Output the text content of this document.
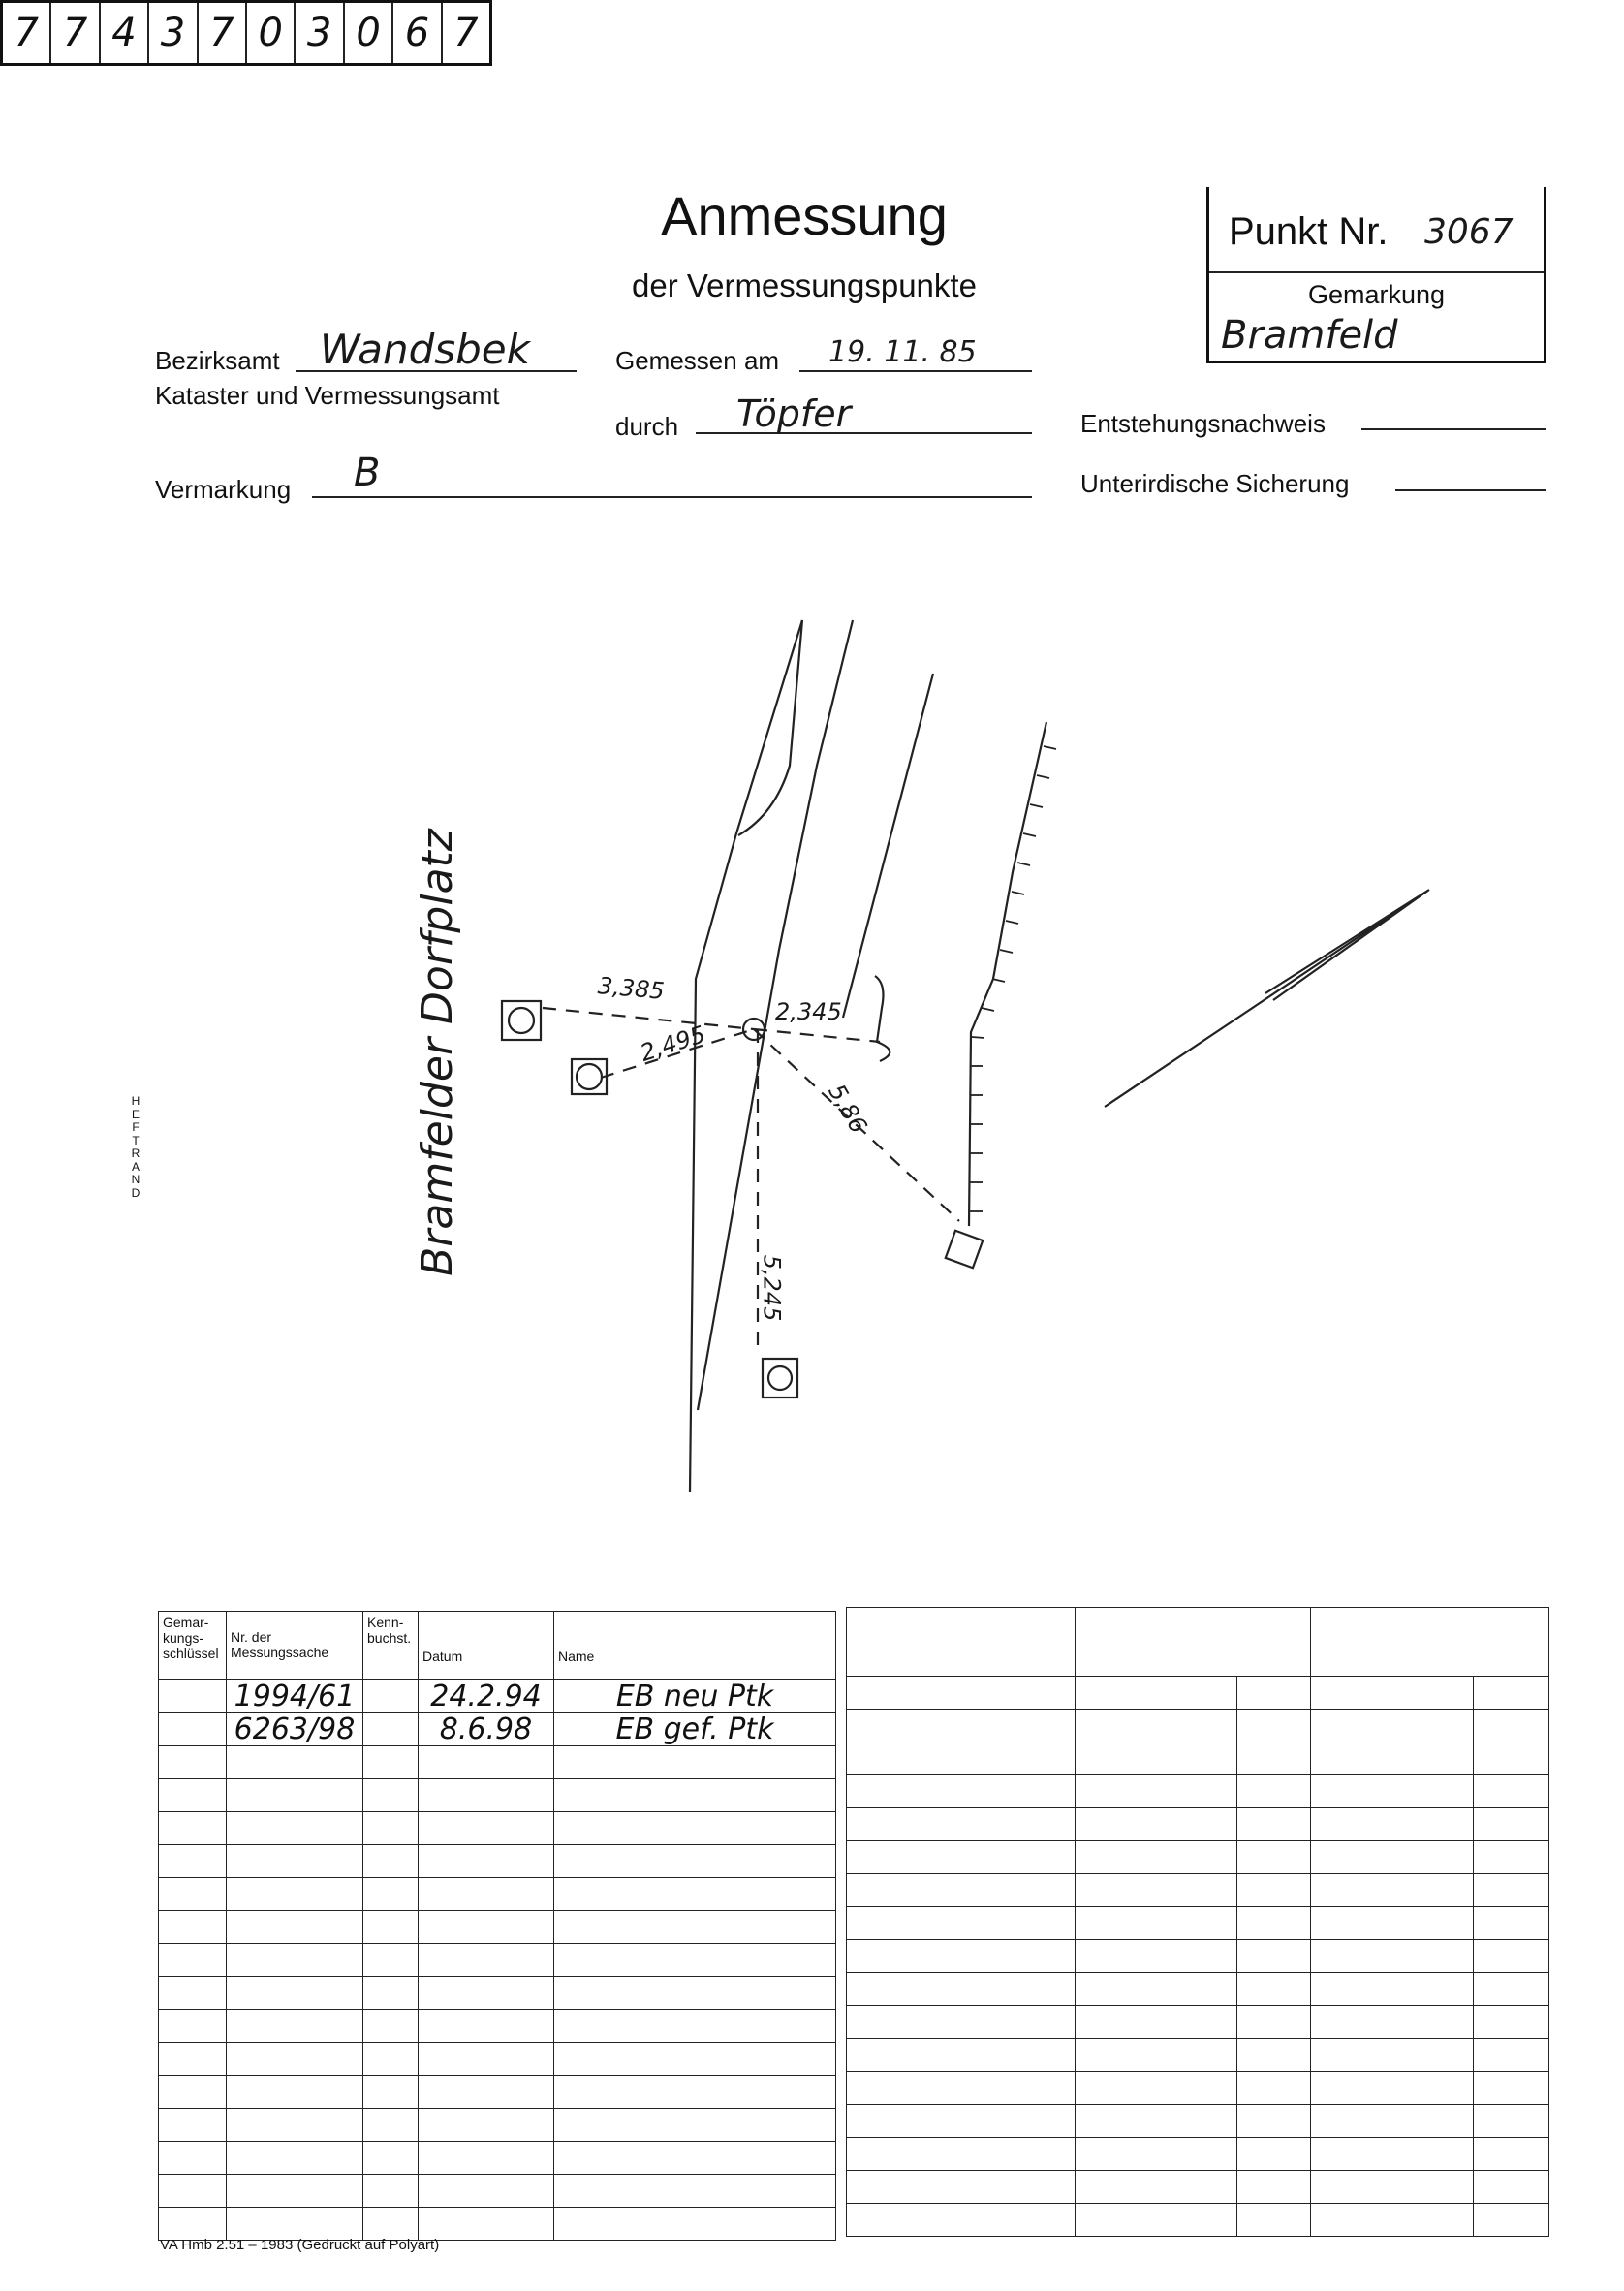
7 7 4 3 7 0 3 0 6 7
Punkt Nr. 3067
Gemarkung
Bramfeld
Anmessung
der Vermessungspunkte
Bezirksamt Wandsbek
Kataster und Vermessungsamt
Gemessen am 19. 11. 85
durch Töpfer
Vermarkung B
Entstehungsnachweis
Unterirdische Sicherung
HEFTRAND	Bramfelder Dorfplatz	3,385
2,345
2,495
5,86
5,245
Gemar-kungs-schlüssel	Nr. der Messungssache	Kenn-buchst.	Datum	Name

	1994/61		24.2.94	EB neu Ptk
	6263/98		8.6.98	EB gef. Ptk

VA Hmb 2.51 – 1983 (Gedruckt auf Polyart)
